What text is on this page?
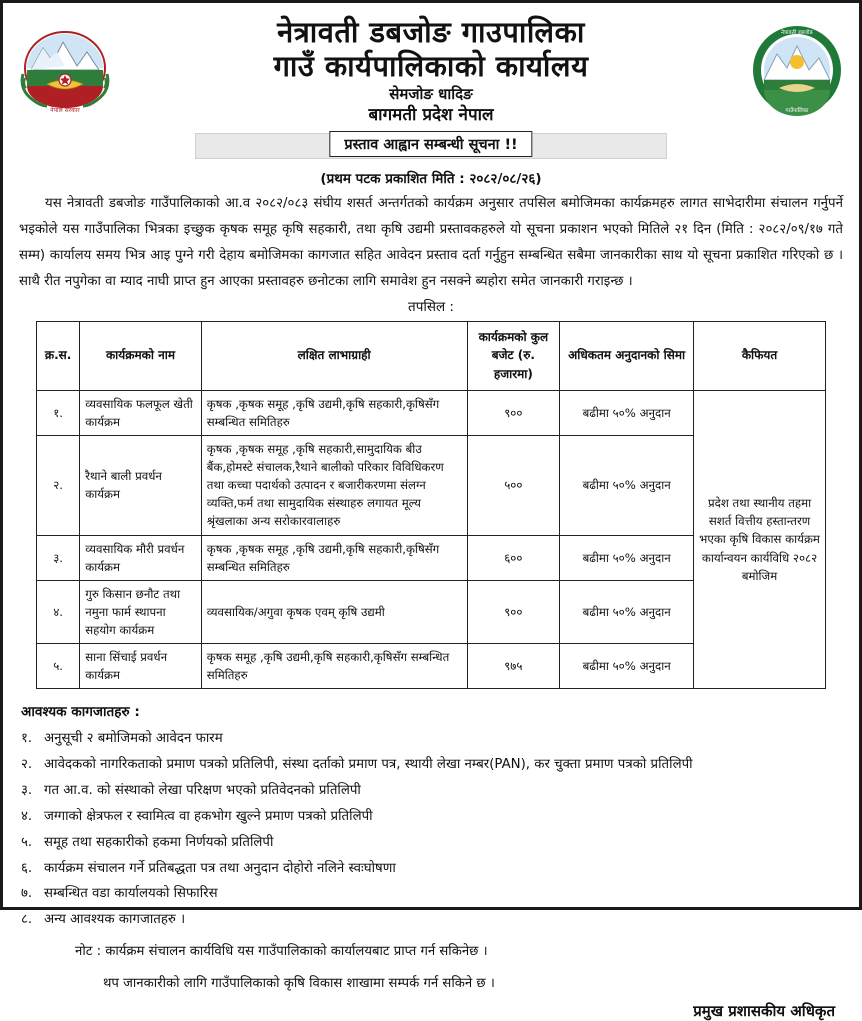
नेपाल सरकार
नेत्रावती डबजोङ गाउपालिका
गाउँ कार्यपालिकाको कार्यालय
सेमजोङ धादिङ
बागमती प्रदेश नेपाल
नेत्रावती डबजोङ
गाउँपालिका
प्रस्ताव आह्वान सम्बन्धी सूचना !!
(प्रथम पटक प्रकाशित मिति : २०८२/०८/२६)
यस नेत्रावती डबजोङ गाउँपालिकाको आ.व २०८२/०८३ संघीय शसर्त अन्तर्गतको कार्यक्रम अनुसार तपसिल बमोजिमका कार्यक्रमहरु लागत साभेदारीमा संचालन गर्नुपर्ने भइ‍कोले यस गाउँपालिका भित्रका इच्छुक कृषक समूह कृषि सहकारी, तथा कृषि उद्यमी प्रस्तावकहरुले यो सूचना प्रकाशन भएको मितिले २१ दिन (मिति : २०८२/०९/१७ गते सम्म) कार्यालय समय भित्र आइ पुग्ने गरी देहाय बमोजिमका कागजात सहित आवेदन प्रस्ताव दर्ता गर्नुहुन सम्बन्धित सबैमा जानकारीका साथ यो सूचना प्रकाशित गरिएको छ । साथै रीत नपुगेका वा म्याद नाघी प्राप्त हुन आएका प्रस्तावहरु छनोटका लागि समावेश हुन नसक्ने ब्यहोरा समेत जानकारी गराइन्छ ।
तपसिल :
क्र.स.	कार्यक्रमको नाम	लक्षित लाभाग्राही	कार्यक्रमको कुल बजेट (रु. हजारमा)	अधिकतम अनुदानको सिमा	कैफियत
१.	व्यवसायिक फलफूल खेती कार्यक्रम	कृषक ,कृषक समूह ,कृषि उद्यमी,कृषि सहकारी,कृषिसँग सम्बन्धित समितिहरु	९००	बढीमा ५०% अनुदान	प्रदेश तथा स्थानीय तहमा सशर्त वित्तीय हस्तान्तरण भएका कृषि विकास कार्यक्रम कार्यान्वयन कार्यविधि २०८२ बमोजिम
२.	रैथाने बाली प्रवर्धन कार्यक्रम	कृषक ,कृषक समूह ,कृषि सहकारी,सामुदायिक बीउ बैंक,होमस्टे संचालक,रैथाने बालीको परिकार विविधिकरण तथा कच्चा पदार्थको उत्पादन र बजारीकरणमा संलग्न व्यक्ति,फर्म तथा सामुदायिक संस्थाहरु लगायत मूल्य श्रृंखलाका अन्य सरोकारवालाहरु	५००	बढीमा ५०% अनुदान	
३.	व्यवसायिक मौरी प्रवर्धन कार्यक्रम	कृषक ,कृषक समूह ,कृषि उद्यमी,कृषि सहकारी,कृषिसँग सम्बन्धित समितिहरु	६००	बढीमा ५०% अनुदान	
४.	गुरु किसान छनौट तथा नमुना फार्म स्थापना सहयोग कार्यक्रम	व्यवसायिक/अगुवा कृषक एवम् कृषि उद्यमी	९००	बढीमा ५०% अनुदान	
५.	साना सिंचाई प्रवर्धन कार्यक्रम	कृषक समूह ,कृषि उद्यमी,कृषि सहकारी,कृषिसँग सम्बन्धित समितिहरु	९७५	बढीमा ५०% अनुदान	
आवश्यक कागजातहरु :
१. अनुसूची २ बमोजिमको आवेदन फारम
२. आवेदकको नागरिकताको प्रमाण पत्रको प्रतिलिपी, संस्था दर्ताको प्रमाण पत्र, स्थायी लेखा नम्बर(PAN), कर चुक्ता प्रमाण पत्रको प्रतिलिपी
३. गत आ.व. को संस्थाको लेखा परिक्षण भएको प्रतिवेदनको प्रतिलिपी
४. जग्गाको क्षेत्रफल र स्वामित्व वा हकभोग खुल्ने प्रमाण पत्रको प्रतिलिपी
५. समूह तथा सहकारीको हकमा निर्णयको प्रतिलिपी
६. कार्यक्रम संचालन गर्ने प्रतिबद्धता पत्र तथा अनुदान दोहोरो नलिने स्वःघोषणा
७. सम्बन्धित वडा कार्यालयको सिफारिस
८. अन्य आवश्यक कागजातहरु ।
नोट : कार्यक्रम संचालन कार्यविधि यस गाउँपालिकाको कार्यालयबाट प्राप्त गर्न सकिनेछ ।
थप जानकारीको लागि गाउँपालिकाको कृषि विकास शाखामा सम्पर्क गर्न सकिने छ ।
प्रमुख प्रशासकीय अधिकृत
